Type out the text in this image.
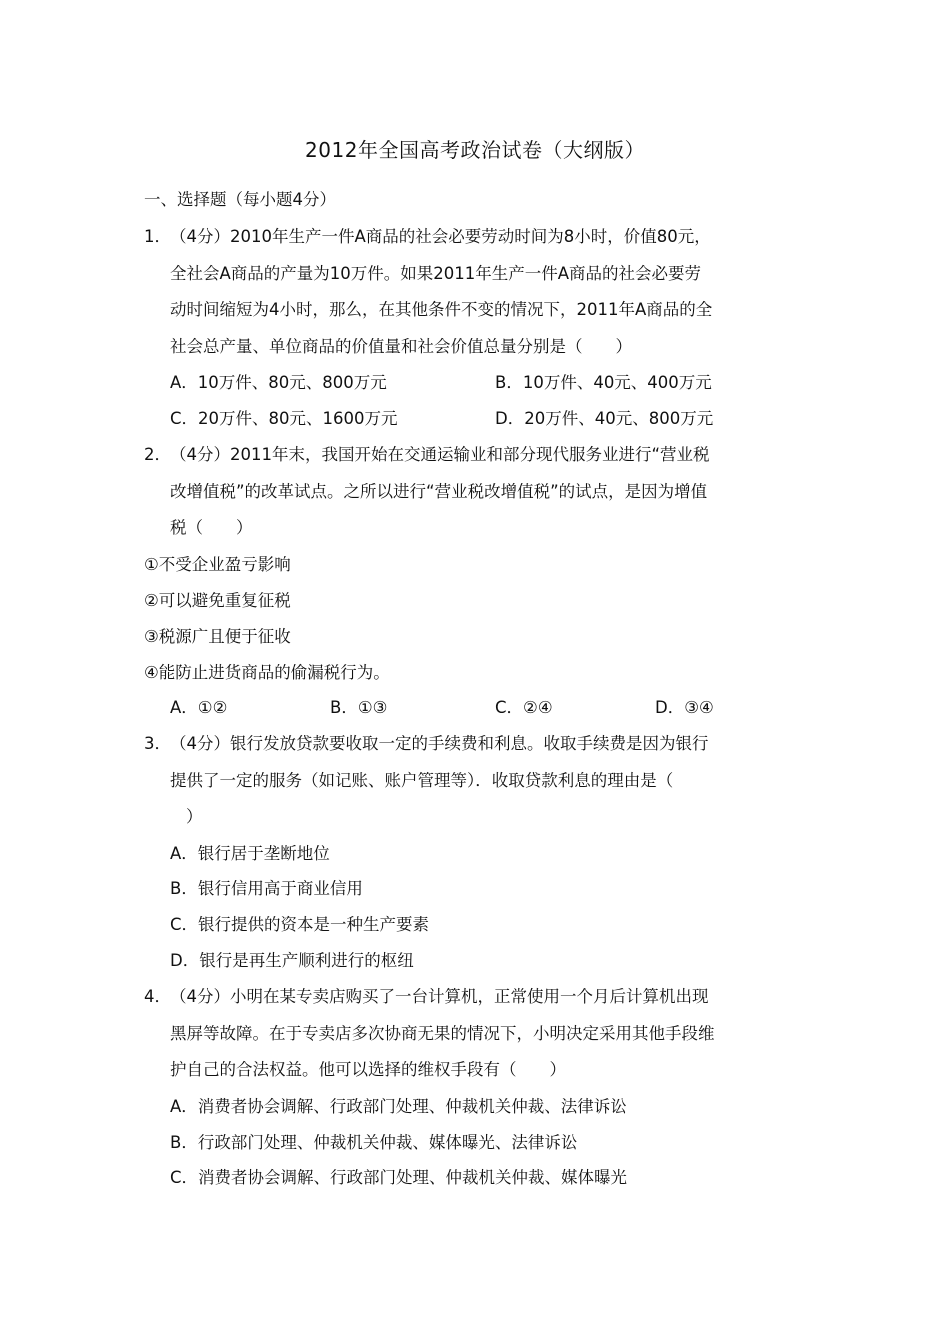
2012年全国高考政治试卷（大纲版）
一、选择题（每小题4分）
1． （4分）2010年生产一件A商品的社会必要劳动时间为8小时，价值80元，
全社会A商品的产量为10万件。如果2011年生产一件A商品的社会必要劳
动时间缩短为4小时，那么，在其他条件不变的情况下，2011年A商品的全
社会总产量、单位商品的价值量和社会价值总量分别是（　　）
A．10万件、80元、800万元	B．10万件、40元、400万元
C．20万件、80元、1600万元	D．20万件、40元、800万元
2． （4分）2011年末，我国开始在交通运输业和部分现代服务业进行“营业税
改增值税”的改革试点。之所以进行“营业税改增值税”的试点，是因为增值
税（　　）
①不受企业盈亏影响
②可以避免重复征税
③税源广且便于征收
④能防止进货商品的偷漏税行为。
A．①②	B．①③	C．②④	D．③④
3． （4分）银行发放贷款要收取一定的手续费和利息。收取手续费是因为银行
提供了一定的服务（如记账、账户管理等）．收取贷款利息的理由是（
）
A．银行居于垄断地位
B．银行信用高于商业信用
C．银行提供的资本是一种生产要素
D．银行是再生产顺利进行的枢纽
4． （4分）小明在某专卖店购买了一台计算机，正常使用一个月后计算机出现
黑屏等故障。在于专卖店多次协商无果的情况下，小明决定采用其他手段维
护自己的合法权益。他可以选择的维权手段有（　　）
A．消费者协会调解、行政部门处理、仲裁机关仲裁、法律诉讼
B．行政部门处理、仲裁机关仲裁、媒体曝光、法律诉讼
C．消费者协会调解、行政部门处理、仲裁机关仲裁、媒体曝光
